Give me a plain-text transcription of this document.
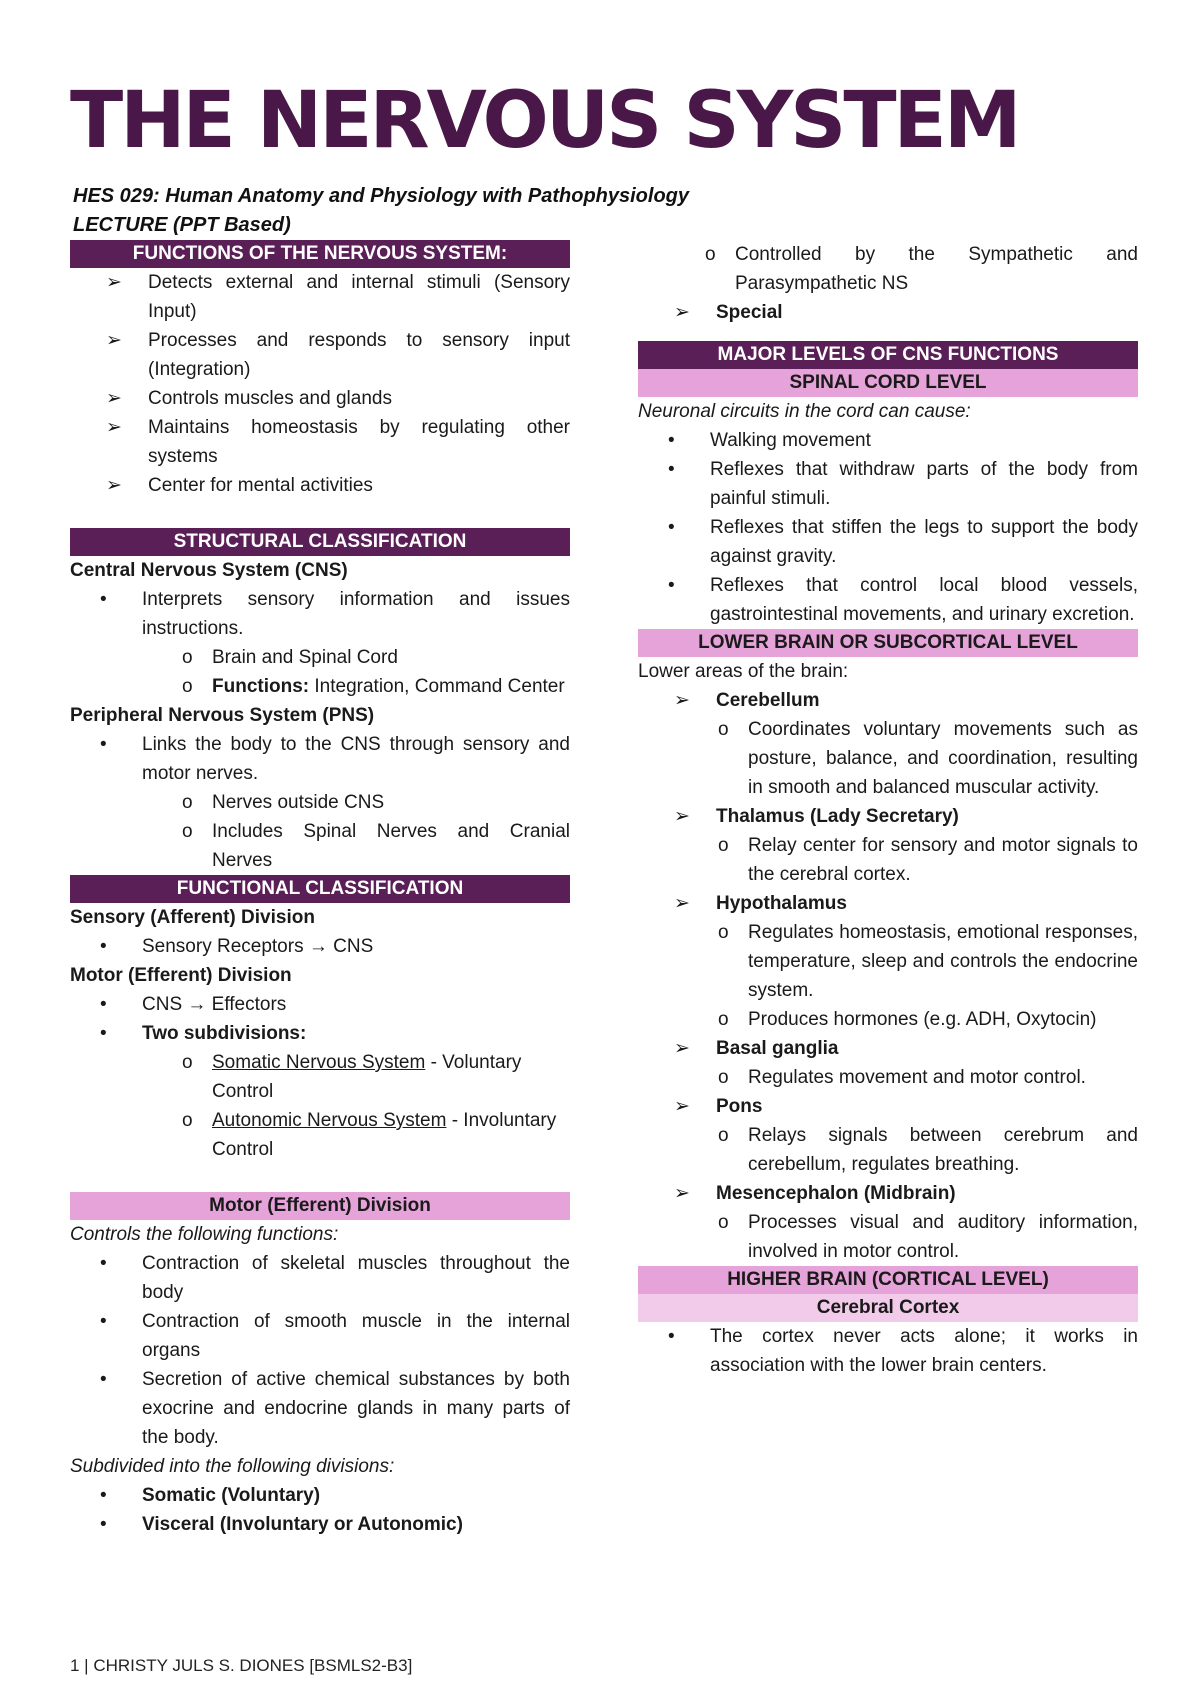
THE NERVOUS SYSTEM
HES 029: Human Anatomy and Physiology with Pathophysiology
LECTURE (PPT Based)
FUNCTIONS OF THE NERVOUS SYSTEM:
➢	Detects external and internal stimuli (Sensory Input)
➢	Processes and responds to sensory input (Integration)
➢	Controls muscles and glands
➢	Maintains homeostasis by regulating other systems
➢	Center for mental activities
STRUCTURAL CLASSIFICATION

Central Nervous System (CNS)

•	Interprets sensory information and issues instructions.
o	Brain and Spinal Cord
o	Functions: Integration, Command Center

Peripheral Nervous System (PNS)

•	Links the body to the CNS through sensory and motor nerves.
o	Nerves outside CNS
o	Includes Spinal Nerves and Cranial Nerves
FUNCTIONAL CLASSIFICATION

Sensory (Afferent) Division

•	Sensory Receptors → CNS

Motor (Efferent) Division

•	CNS → Effectors
•	Two subdivisions:
o	Somatic Nervous System - Voluntary Control
o	Autonomic Nervous System - Involuntary Control
Motor (Efferent) Division

Controls the following functions:

•	Contraction of skeletal muscles throughout the body
•	Contraction of smooth muscle in the internal organs
•	Secretion of active chemical substances by both exocrine and endocrine glands in many parts of the body.

Subdivided into the following divisions:

•	Somatic (Voluntary)
•	Visceral (Involuntary or Autonomic)
o	Controlled by the Sympathetic and Parasympathetic NS
➢	Special
MAJOR LEVELS OF CNS FUNCTIONS
SPINAL CORD LEVEL

Neuronal circuits in the cord can cause:

•	Walking movement
•	Reflexes that withdraw parts of the body from painful stimuli.
•	Reflexes that stiffen the legs to support the body against gravity.
•	Reflexes that control local blood vessels, gastrointestinal movements, and urinary excretion.
LOWER BRAIN OR SUBCORTICAL LEVEL

Lower areas of the brain:

➢	Cerebellum
o	Coordinates voluntary movements such as posture, balance, and coordination, resulting in smooth and balanced muscular activity.
➢	Thalamus (Lady Secretary)
o	Relay center for sensory and motor signals to the cerebral cortex.
➢	Hypothalamus
o	Regulates homeostasis, emotional responses, temperature, sleep and controls the endocrine system.
o	Produces hormones (e.g. ADH, Oxytocin)
➢	Basal ganglia
o	Regulates movement and motor control.
➢	Pons
o	Relays signals between cerebrum and cerebellum, regulates breathing.
➢	Mesencephalon (Midbrain)
o	Processes visual and auditory information, involved in motor control.
HIGHER BRAIN (CORTICAL LEVEL)
Cerebral Cortex
•	The cortex never acts alone; it works in association with the lower brain centers.
1 | CHRISTY JULS S. DIONES [BSMLS2-B3]
